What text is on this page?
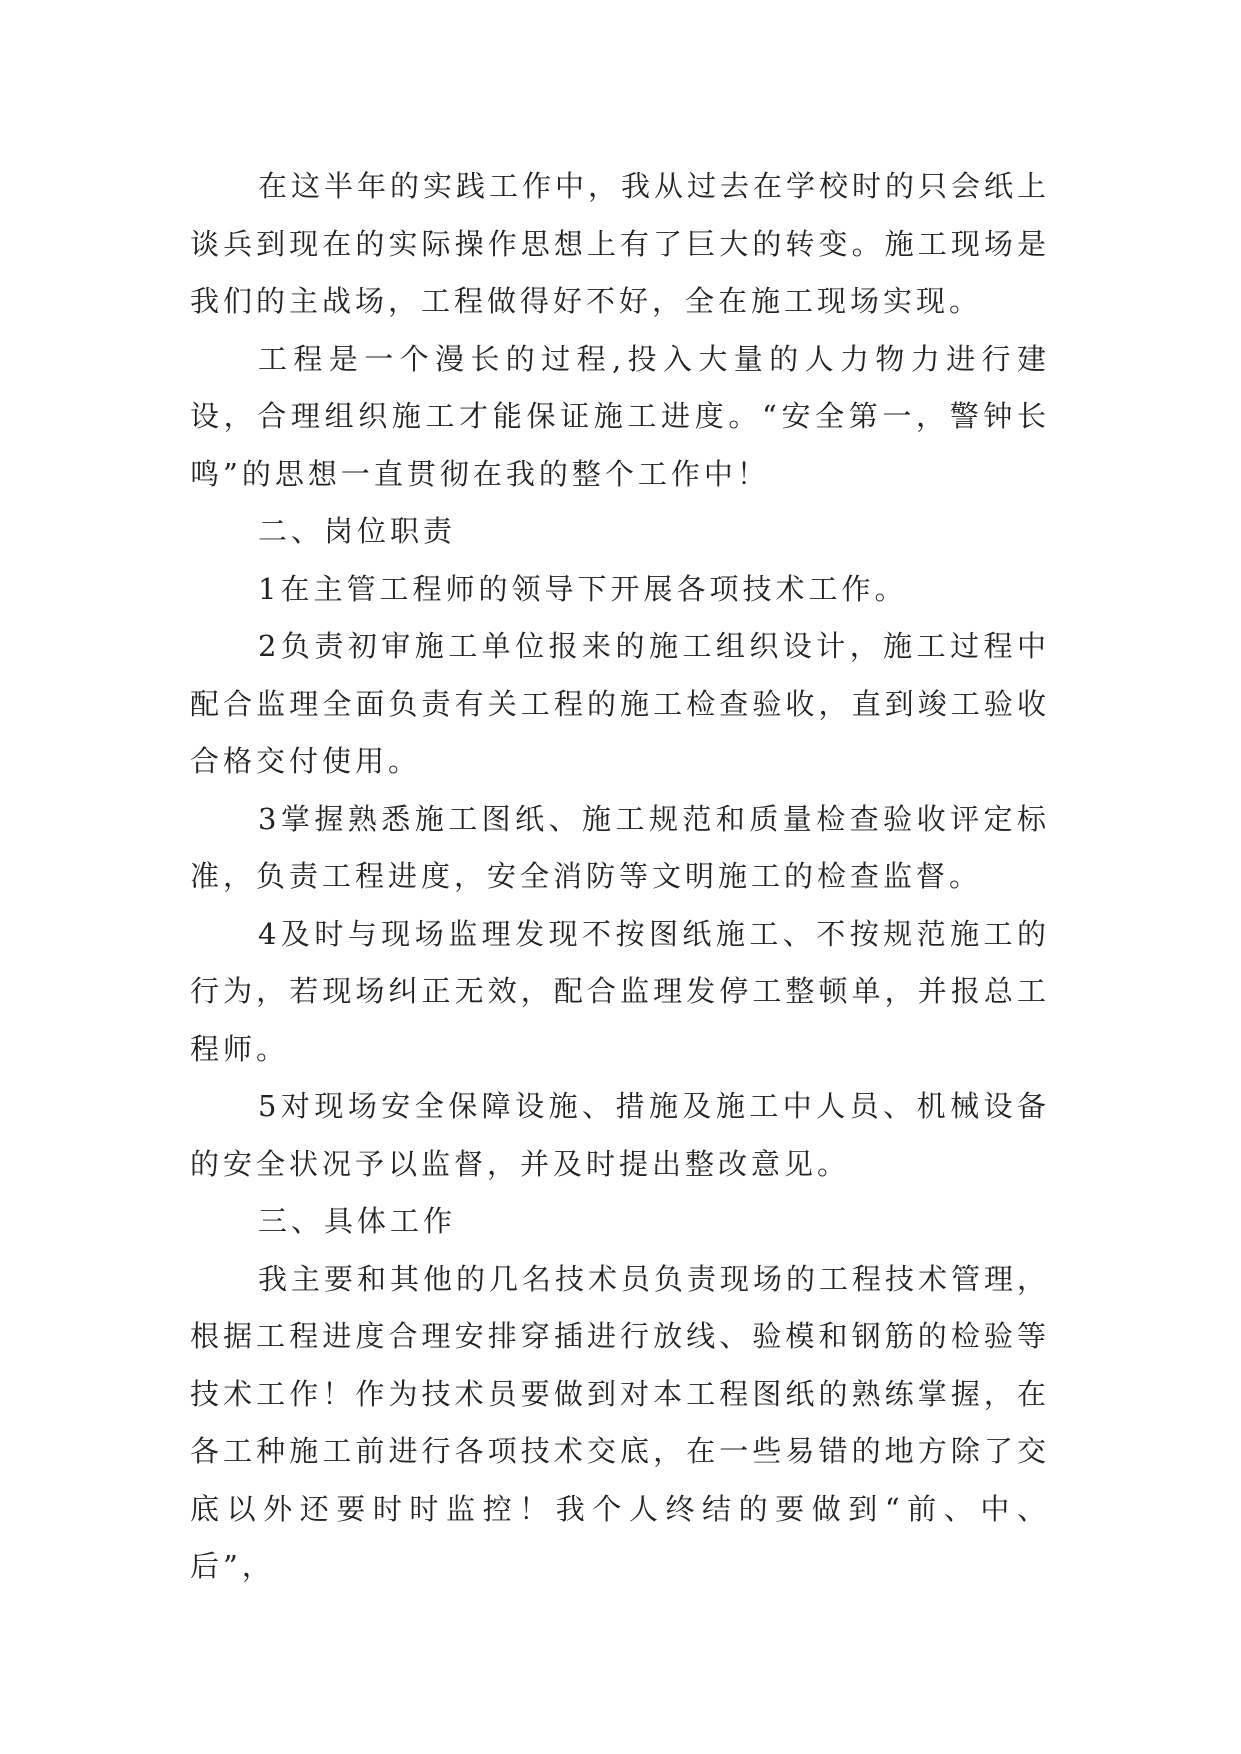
在这半年的实践工作中，我从过去在学校时的只会纸上谈兵到现在的实际操作思想上有了巨大的转变。施工现场是我们的主战场，工程做得好不好，全在施工现场实现。

工程是一个漫长的过程,投入大量的人力物力进行建设，合理组织施工才能保证施工进度。“安全第一，警钟长鸣”的思想一直贯彻在我的整个工作中！

二、岗位职责

1在主管工程师的领导下开展各项技术工作。

2负责初审施工单位报来的施工组织设计，施工过程中配合监理全面负责有关工程的施工检查验收，直到竣工验收合格交付使用。

3掌握熟悉施工图纸、施工规范和质量检查验收评定标准，负责工程进度，安全消防等文明施工的检查监督。

4及时与现场监理发现不按图纸施工、不按规范施工的行为，若现场纠正无效，配合监理发停工整顿单，并报总工程师。

5对现场安全保障设施、措施及施工中人员、机械设备的安全状况予以监督，并及时提出整改意见。

三、具体工作

我主要和其他的几名技术员负责现场的工程技术管理，根据工程进度合理安排穿插进行放线、验模和钢筋的检验等技术工作！作为技术员要做到对本工程图纸的熟练掌握，在各工种施工前进行各项技术交底，在一些易错的地方除了交底以外还要时时监控！我个人终结的要做到“前、中、后”，
